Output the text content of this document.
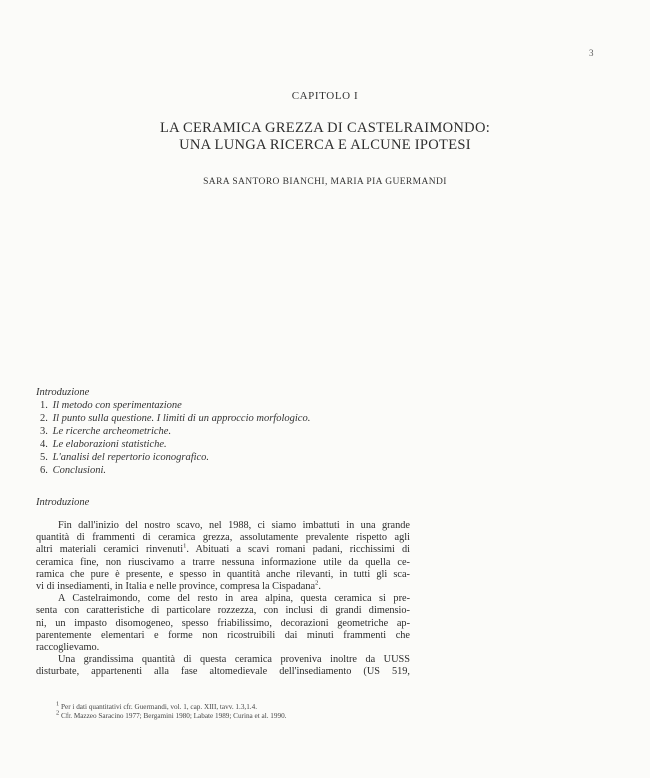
3
CAPITOLO I
LA CERAMICA GREZZA DI CASTELRAIMONDO:
UNA LUNGA RICERCA E ALCUNE IPOTESI
SARA SANTORO BIANCHI, MARIA PIA GUERMANDI
Introduzione
1. Il metodo con sperimentazione
2. Il punto sulla questione. I limiti di un approccio morfologico.
3. Le ricerche archeometriche.
4. Le elaborazioni statistiche.
5. L'analisi del repertorio iconografico.
6. Conclusioni.
Introduzione
Fin dall'inizio del nostro scavo, nel 1988, ci siamo imbattuti in una grande
quantità di frammenti di ceramica grezza, assolutamente prevalente rispetto agli
altri materiali ceramici rinvenuti$^1$. Abituati a scavi romani padani, ricchissimi di
ceramica fine, non riuscivamo a trarre nessuna informazione utile da quella ce-
ramica che pure è presente, e spesso in quantità anche rilevanti, in tutti gli sca-
vi di insediamenti, in Italia e nelle province, compresa la Cispadana$^2$.
A Castelraimondo, come del resto in area alpina, questa ceramica si pre-
senta con caratteristiche di particolare rozzezza, con inclusi di grandi dimensio-
ni, un impasto disomogeneo, spesso friabilissimo, decorazioni geometriche ap-
parentemente elementari e forme non ricostruibili dai minuti frammenti che
raccoglievamo.
Una grandissima quantità di questa ceramica proveniva inoltre da UUSS
disturbate, appartenenti alla fase altomedievale dell'insediamento (US 519,
$^1$ Per i dati quantitativi cfr. Guermandi, vol. 1, cap. XIII, tavv. 1.3,1.4.
$^2$ Cfr. Mazzeo Saracino 1977; Bergamini 1980; Labate 1989; Curina et al. 1990.
